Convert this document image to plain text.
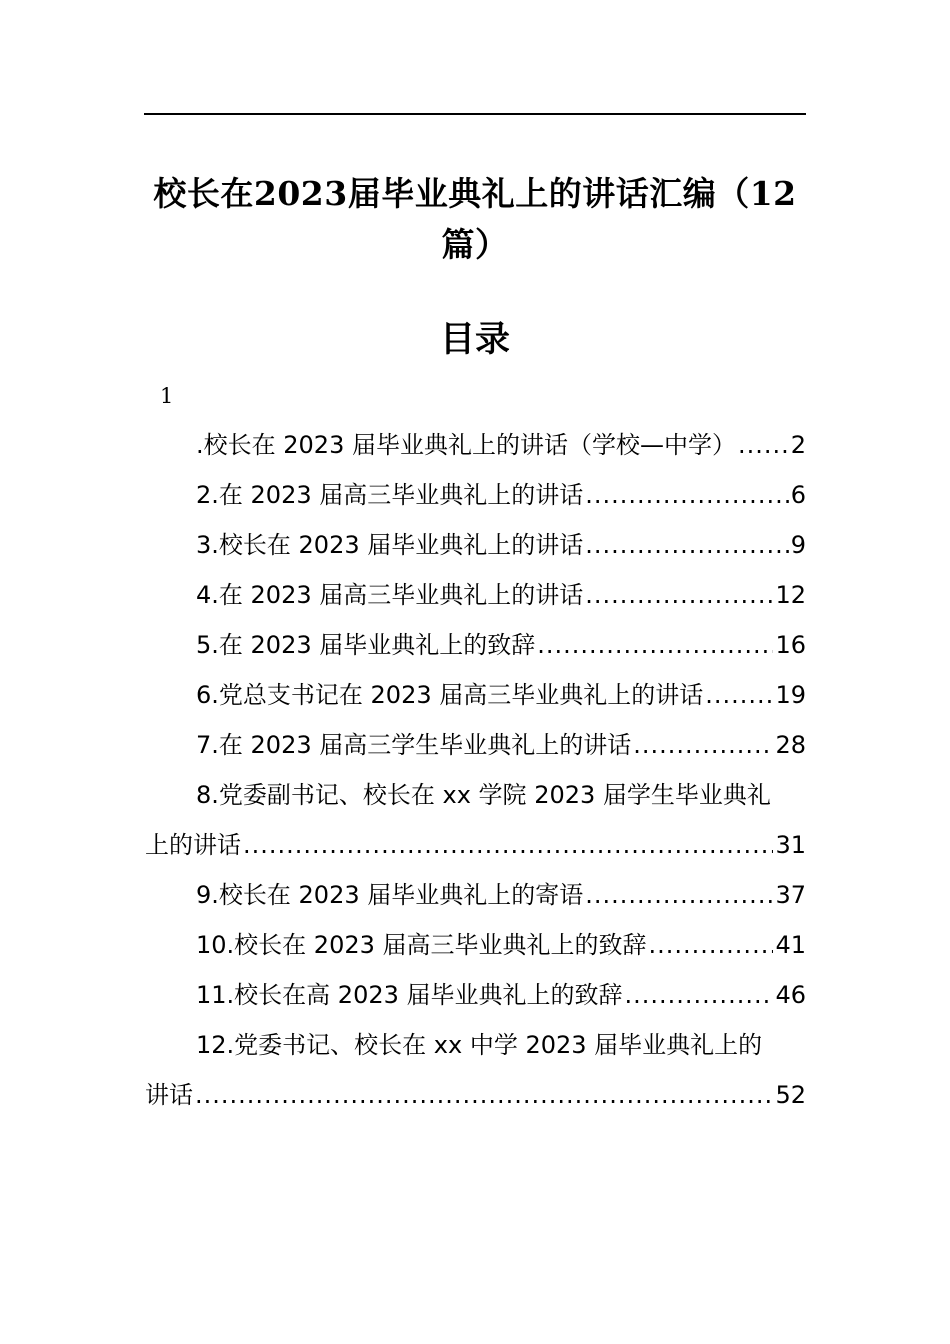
校长在2023届毕业典礼上的讲话汇编（12篇）
目录
1
.校长在 2023 届毕业典礼上的讲话（学校—中学） ..... 2
2.在 2023 届高三毕业典礼上的讲话 .....	6
3.校长在 2023 届毕业典礼上的讲话 .....	9
4.在 2023 届高三毕业典礼上的讲话 .....	12
5.在 2023 届毕业典礼上的致辞 .....	16
6.党总支书记在 2023 届高三毕业典礼上的讲话 .....	19
7.在 2023 届高三学生毕业典礼上的讲话 .....	28
8.党委副书记、校长在 xx 学院 2023 届学生毕业典礼
上的讲话 .....	31
9.校长在 2023 届毕业典礼上的寄语 .....	37
10.校长在 2023 届高三毕业典礼上的致辞 .....	41
11.校长在高 2023 届毕业典礼上的致辞 .....	46
12.党委书记、校长在 xx 中学 2023 届毕业典礼上的
讲话 .....	52
